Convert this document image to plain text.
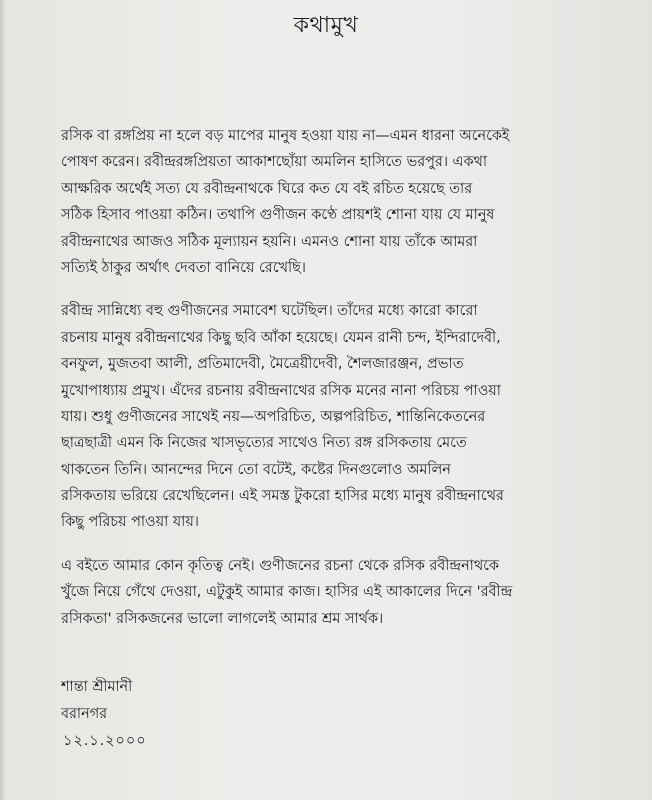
কথামুখ
রসিক বা রঙ্গপ্রিয় না হলে বড় মাপের মানুষ হওয়া যায় না—এমন ধারনা অনেকেই
পোষণ করেন। রবীন্দ্ররঙ্গপ্রিয়তা আকাশছোঁয়া অমলিন হাসিতে ভরপুর। একথা
আক্ষরিক অর্থেই সত্য যে রবীন্দ্রনাথকে ঘিরে কত যে বই রচিত হয়েছে তার
সঠিক হিসাব পাওয়া কঠিন। তথাপি গুণীজন কণ্ঠে প্রায়শই শোনা যায় যে মানুষ
রবীন্দ্রনাথের আজও সঠিক মূল্যায়ন হয়নি। এমনও শোনা যায় তাঁকে আমরা
সত্যিই ঠাকুর অর্থাৎ দেবতা বানিয়ে রেখেছি।
রবীন্দ্র সান্নিধ্যে বহু গুণীজনের সমাবেশ ঘটেছিল। তাঁদের মধ্যে কারো কারো
রচনায় মানুষ রবীন্দ্রনাথের কিছু ছবি আঁকা হয়েছে। যেমন রানী চন্দ, ইন্দিরাদেবী,
বনফুল, মুজতবা আলী, প্রতিমাদেবী, মৈত্রেয়ীদেবী, শৈলজারঞ্জন, প্রভাত
মুখোপাধ্যায় প্রমুখ। এঁদের রচনায় রবীন্দ্রনাথের রসিক মনের নানা পরিচয় পাওয়া
যায়। শুধু গুণীজনের সাথেই নয়—অপরিচিত, অল্পপরিচিত, শান্তিনিকেতনের
ছাত্রছাত্রী এমন কি নিজের খাসভৃত্যের সাথেও নিত্য রঙ্গ রসিকতায় মেতে
থাকতেন তিনি। আনন্দের দিনে তো বটেই, কষ্টের দিনগুলোও অমলিন
রসিকতায় ভরিয়ে রেখেছিলেন। এই সমস্ত টুকরো হাসির মধ্যে মানুষ রবীন্দ্রনাথের
কিছু পরিচয় পাওয়া যায়।
এ বইতে আমার কোন কৃতিত্ব নেই। গুণীজনের রচনা থেকে রসিক রবীন্দ্রনাথকে
খুঁজে নিয়ে গেঁথে দেওয়া, এটুকুই আমার কাজ। হাসির এই আকালের দিনে 'রবীন্দ্র
রসিকতা' রসিকজনের ভালো লাগলেই আমার শ্রম সার্থক।
শান্তা শ্রীমানী
বরানগর
১২.১.২০০০
